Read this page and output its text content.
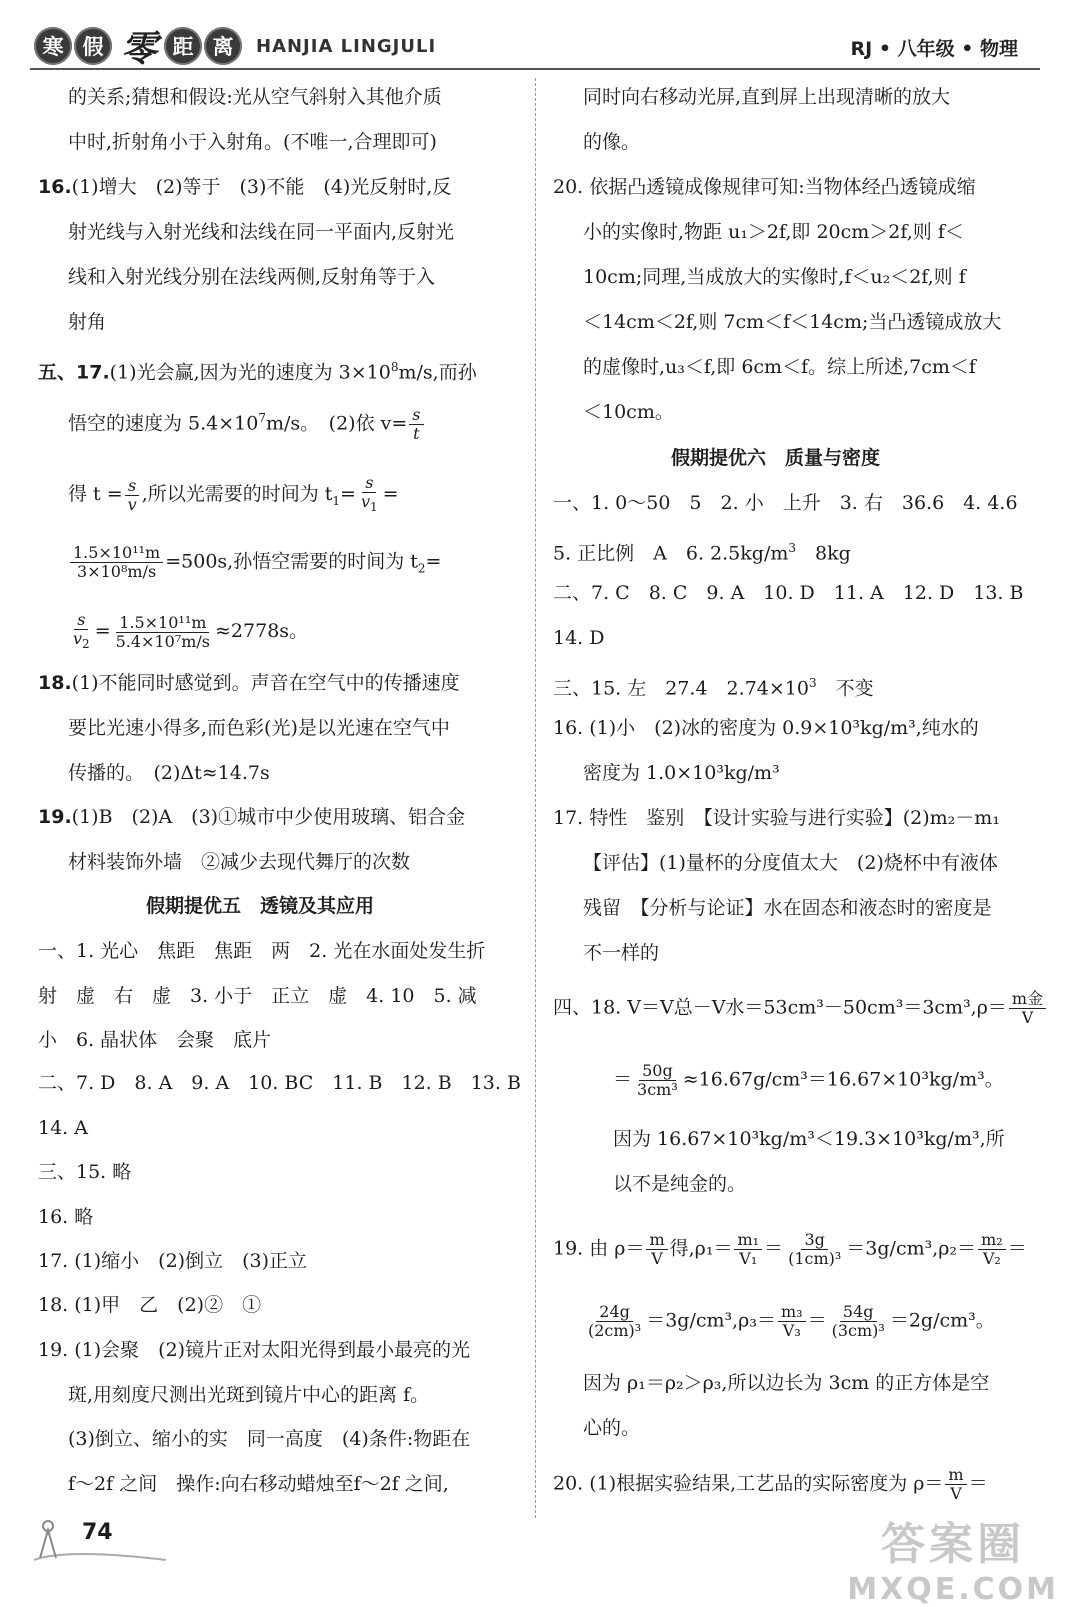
寒 假 零 距 离	HANJIA LINGJULI	RJ • 八年级 • 物理
的关系;猜想和假设:光从空气斜射入其他介质
中时,折射角小于入射角。(不唯一,合理即可)
16.(1)增大　(2)等于　(3)不能　(4)光反射时,反
射光线与入射光线和法线在同一平面内,反射光
线和入射光线分别在法线两侧,反射角等于入
射角
五、17.(1)光会赢,因为光的速度为 $3\times 10^8m/s$,而孙
悟空的速度为 $5.4\times 10^7m/s$。　(2)依 $v= \frac{s}{t}$
得 $t = \frac{s}{v}$ ,所以光需要的时间为 $t_1= \frac{s}{v_1}$ =
$\frac{\text{1.5×10¹¹m}}{\text{3×10⁸m/s}} =500s$,孙悟空需要的时间为 $t_2=$
$\frac{s}{v_2} = \frac{\text{1.5×10¹¹m}}{\text{5.4×10⁷m/s}} \approx 2778s$。
18.(1)不能同时感觉到。声音在空气中的传播速度
要比光速小得多,而色彩(光)是以光速在空气中
传播的。　(2)Δt≈14.7s
19.(1)B　(2)A　(3)①城市中少使用玻璃、铝合金
材料装饰外墙　②减少去现代舞厅的次数
假期提优五　透镜及其应用
一、1. 光心　焦距　焦距　两　2. 光在水面处发生折
射　虚　右　虚　3. 小于　正立　虚　4. 10　5. 减
小　6. 晶状体　会聚　底片
二、7. D　8. A　9. A　10. BC　11. B　12. B　13. B
14. A
三、15. 略
16. 略
17. (1)缩小　(2)倒立　(3)正立
18. (1)甲　乙　(2)②　①
19. (1)会聚　(2)镜片正对太阳光得到最小最亮的光
斑,用刻度尺测出光斑到镜片中心的距离 f。
(3)倒立、缩小的实　同一高度　(4)条件:物距在
f～2f 之间　操作:向右移动蜡烛至f～2f 之间,
同时向右移动光屏,直到屏上出现清晰的放大
的像。
20. 依据凸透镜成像规律可知:当物体经凸透镜成缩
小的实像时,物距 u₁＞2f,即 20cm＞2f,则 f＜
10cm;同理,当成放大的实像时,f＜u₂＜2f,则 f
＜14cm＜2f,则 7cm＜f＜14cm;当凸透镜成放大
的虚像时,u₃＜f,即 6cm＜f。综上所述,7cm＜f
＜10cm。
假期提优六　质量与密度
一、1. 0～50　5　2. 小　上升　3. 右　36.6　4. 4.6
5. 正比例　A　6. $2.5kg/m^3$　8kg
二、7. C　8. C　9. A　10. D　11. A　12. D　13. B
14. D
三、15. 左　27.4　$2.74\times 10^3$　不变
16. (1)小　(2)冰的密度为 0.9×10³kg/m³,纯水的
密度为 1.0×10³kg/m³
17. 特性　鉴别　【设计实验与进行实验】(2)m₂－m₁
【评估】(1)量杯的分度值太大　(2)烧杯中有液体
残留　【分析与论证】水在固态和液态时的密度是
不一样的
四、18. V＝V总－V水$=53cm^3-50cm^3=3cm^3,\rho= \frac{\text{m金}}{V}$
＝ $\frac{50g}{\text{3cm³}} \approx 16.67g/cm^3=16.67\times 10^3kg/m^3$。
因为 16.67×10³kg/m³＜19.3×10³kg/m³,所
以不是纯金的。
19. 由 $\rho= \frac{m}{V}$ 得$,\rho_1= \frac{\text{m₁}}{\text{V₁}} = \frac{3g}{\text{(1cm)³}} =3g/cm^3,\rho_2= \frac{\text{m₂}}{\text{V₂}}$ ＝
$\frac{24g}{\text{(2cm)³}} =3g/cm^3,\rho_3= \frac{\text{m₃}}{\text{V₃}} = \frac{54g}{\text{(3cm)³}} =2g/cm^3$。
因为 ρ₁＝ρ₂＞ρ₃,所以边长为 3cm 的正方体是空
心的。
20. (1)根据实验结果,工艺品的实际密度为 $\rho= \frac{m}{V}$ ＝
74	答案圈
MXQE.COM
